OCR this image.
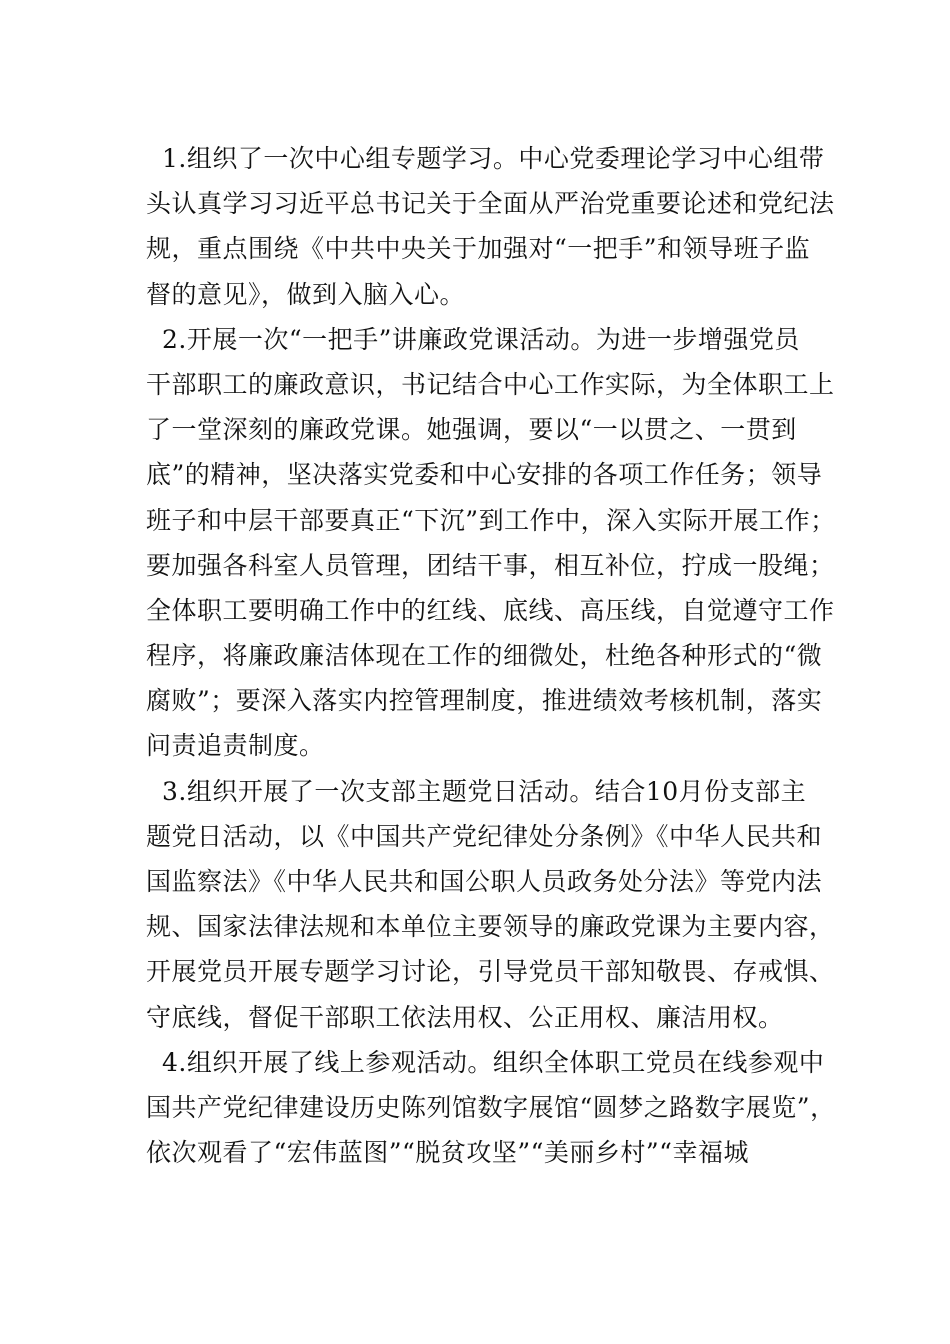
1.组织了一次中心组专题学习。中心党委理论学习中心组带
头认真学习习近平总书记关于全面从严治党重要论述和党纪法
规，重点围绕《中共中央关于加强对“一把手”和领导班子监
督的意见》，做到入脑入心。
2.开展一次“一把手”讲廉政党课活动。为进一步增强党员
干部职工的廉政意识，书记结合中心工作实际，为全体职工上
了一堂深刻的廉政党课。她强调，要以“一以贯之、一贯到
底”的精神，坚决落实党委和中心安排的各项工作任务；领导
班子和中层干部要真正“下沉”到工作中，深入实际开展工作；
要加强各科室人员管理，团结干事，相互补位，拧成一股绳；
全体职工要明确工作中的红线、底线、高压线，自觉遵守工作
程序，将廉政廉洁体现在工作的细微处，杜绝各种形式的“微
腐败”；要深入落实内控管理制度，推进绩效考核机制，落实
问责追责制度。
3.组织开展了一次支部主题党日活动。结合10月份支部主
题党日活动，以《中国共产党纪律处分条例》《中华人民共和
国监察法》《中华人民共和国公职人员政务处分法》等党内法
规、国家法律法规和本单位主要领导的廉政党课为主要内容，
开展党员开展专题学习讨论，引导党员干部知敬畏、存戒惧、
守底线，督促干部职工依法用权、公正用权、廉洁用权。
4.组织开展了线上参观活动。组织全体职工党员在线参观中
国共产党纪律建设历史陈列馆数字展馆“圆梦之路数字展览”，
依次观看了“宏伟蓝图”“脱贫攻坚”“美丽乡村”“幸福城
